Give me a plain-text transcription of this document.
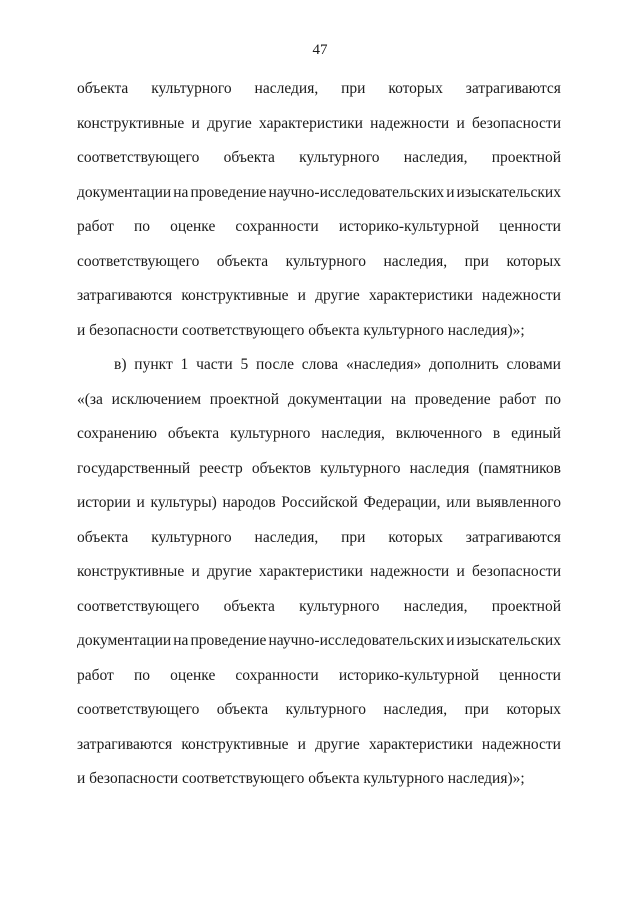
47
объекта культурного наследия, при которых затрагиваются
конструктивные и другие характеристики надежности и безопасности
соответствующего объекта культурного наследия, проектной
документации на проведение научно-исследовательских и изыскательских
работ по оценке сохранности историко-культурной ценности
соответствующего объекта культурного наследия, при которых
затрагиваются конструктивные и другие характеристики надежности
и безопасности соответствующего объекта культурного наследия)»;
в) пункт 1 части 5 после слова «наследия» дополнить словами
«(за исключением проектной документации на проведение работ по
сохранению объекта культурного наследия, включенного в единый
государственный реестр объектов культурного наследия (памятников
истории и культуры) народов Российской Федерации, или выявленного
объекта культурного наследия, при которых затрагиваются
конструктивные и другие характеристики надежности и безопасности
соответствующего объекта культурного наследия, проектной
документации на проведение научно-исследовательских и изыскательских
работ по оценке сохранности историко-культурной ценности
соответствующего объекта культурного наследия, при которых
затрагиваются конструктивные и другие характеристики надежности
и безопасности соответствующего объекта культурного наследия)»;
